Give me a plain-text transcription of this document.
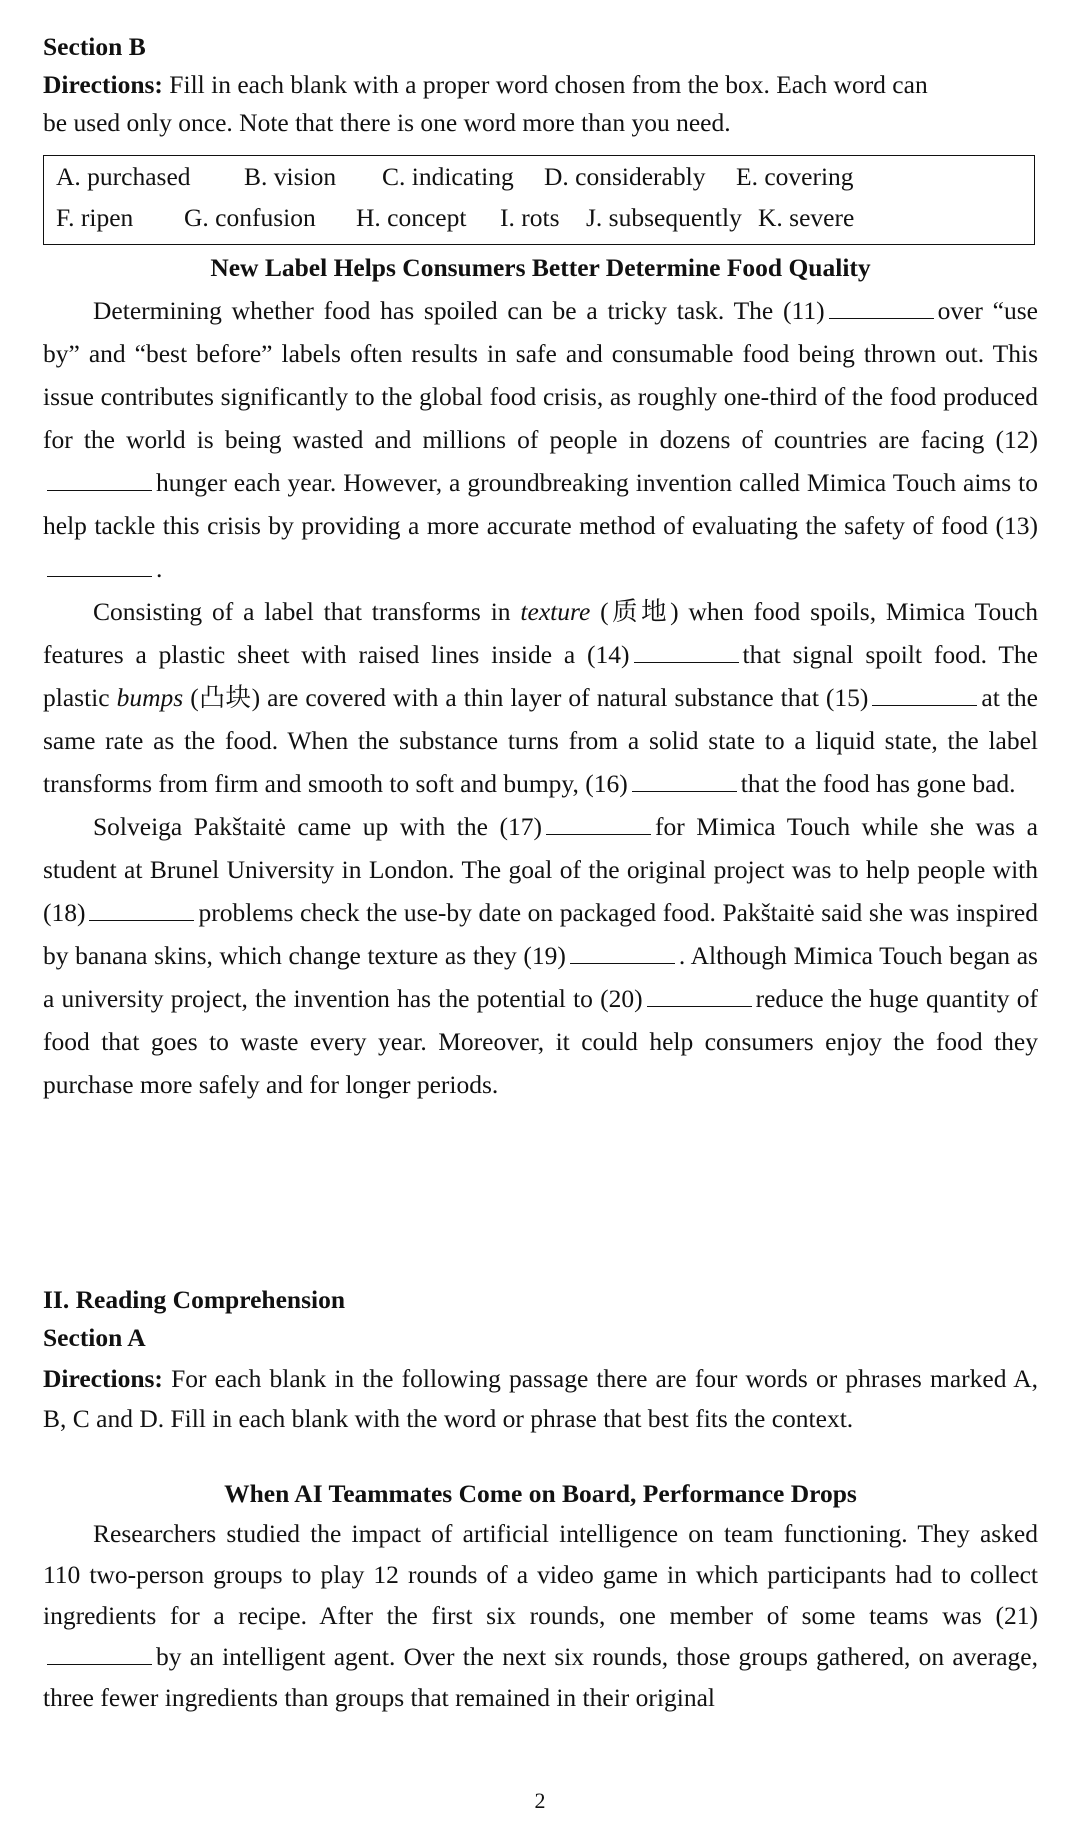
Section B
Directions: Fill in each blank with a proper word chosen from the box. Each word can
be used only once. Note that there is one word more than you need.
A. purchased B. vision C. indicating D. considerably E. covering
F. ripen G. confusion H. concept I. rots J. subsequently K. severe
New Label Helps Consumers Better Determine Food Quality

Determining whether food has spoiled can be a tricky task. The (11)	over “use by” and “best before” labels often results in safe and consumable food being thrown out. This issue contributes significantly to the global food crisis, as roughly one-third of the food produced for the world is being wasted and millions of people in dozens of countries are facing (12)hunger each year. However, a groundbreaking invention called Mimica Touch aims to help tackle this crisis by providing a more accurate method of evaluating the safety of food (13).

Consisting of a label that transforms in texture (质地) when food spoils, Mimica Touch features a plastic sheet with raised lines inside a (14)	that signal spoilt food. The plastic bumps (凸块) are covered with a thin layer of natural substance that (15)	at the same rate as the food. When the substance turns from a solid state to a liquid state, the label transforms from firm and smooth to soft and bumpy, (16)	that the food has gone bad.

Solveiga Pakštaitė came up with the (17)	for Mimica Touch while she was a student at Brunel University in London. The goal of the original project was to help people with (18)	problems check the use-by date on packaged food. Pakštaitė said she was inspired by banana skins, which change texture as they (19)	. Although Mimica Touch began as a university project, the invention has the potential to (20)	reduce the huge quantity of food that goes to waste every year. Moreover, it could help consumers enjoy the food they purchase more safely and for longer periods.

II. Reading Comprehension
Section A
Directions: For each blank in the following passage there are four words or phrases marked A, B, C and D. Fill in each blank with the word or phrase that best fits the context.
When AI Teammates Come on Board, Performance Drops

Researchers studied the impact of artificial intelligence on team functioning. They asked 110 two-person groups to play 12 rounds of a video game in which participants had to collect ingredients for a recipe. After the first six rounds, one member of some teams was (21)by an intelligent agent. Over the next six rounds, those groups gathered, on average, three fewer ingredients than groups that remained in their original

2
